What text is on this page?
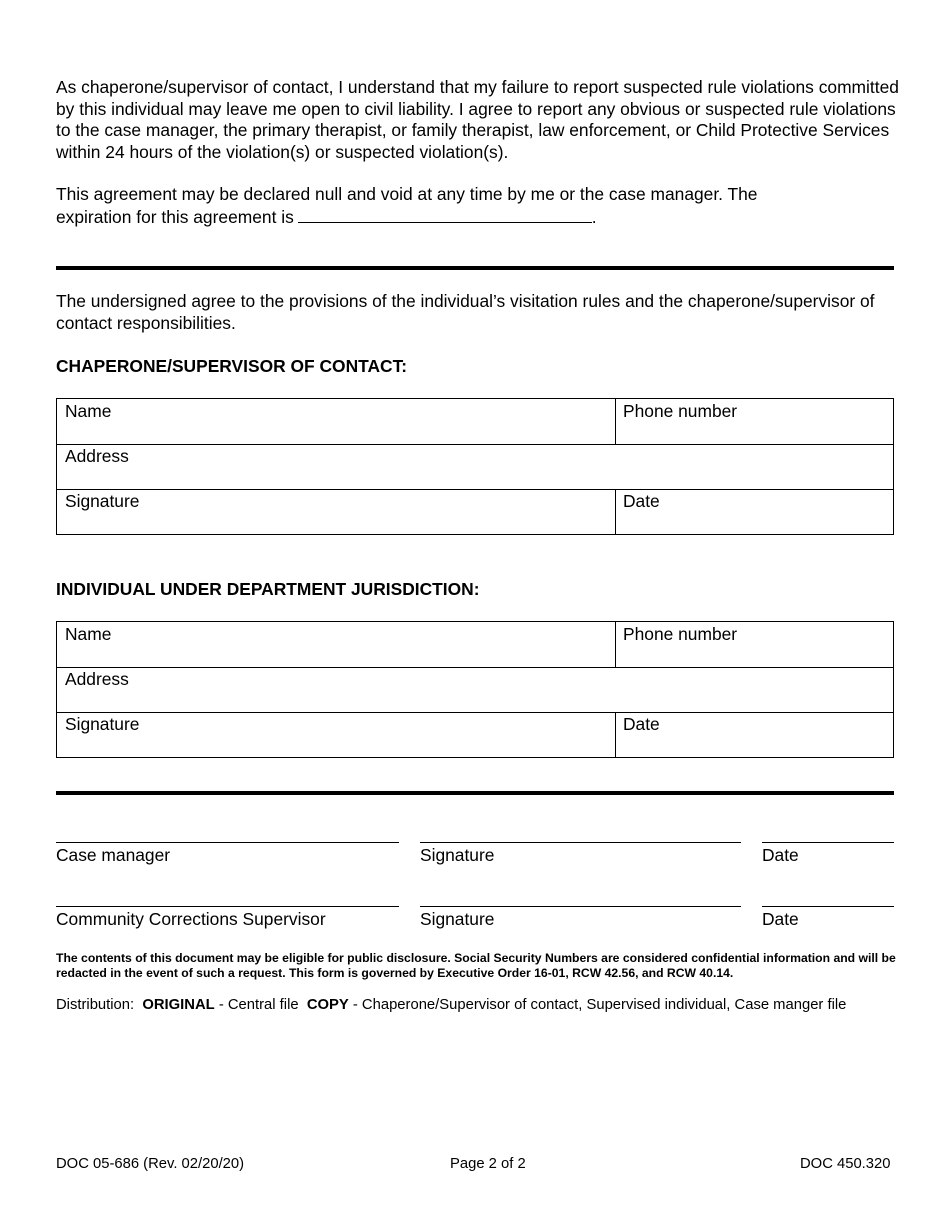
As chaperone/supervisor of contact, I understand that my failure to report suspected rule violations committed by this individual may leave me open to civil liability. I agree to report any obvious or suspected rule violations to the case manager, the primary therapist, or family therapist, law enforcement, or Child Protective Services within 24 hours of the violation(s) or suspected violation(s).

This agreement may be declared null and void at any time by me or the case manager. The
expiration for this agreement is	.

The undersigned agree to the provisions of the individual’s visitation rules and the chaperone/supervisor of contact responsibilities.

CHAPERONE/SUPERVISOR OF CONTACT:

Name	Phone number
Address
Signature	Date

INDIVIDUAL UNDER DEPARTMENT JURISDICTION:

Name	Phone number
Address
Signature	Date
Case manager	Signature	Date
Community Corrections Supervisor	Signature	Date

The contents of this document may be eligible for public disclosure. Social Security Numbers are considered confidential information and will be redacted in the event of such a request. This form is governed by Executive Order 16-01, RCW 42.56, and RCW 40.14.

Distribution: ORIGINAL - Central file COPY - Chaperone/Supervisor of contact, Supervised individual, Case manger file

DOC 05-686 (Rev. 02/20/20)	Page 2 of 2	DOC 450.320
